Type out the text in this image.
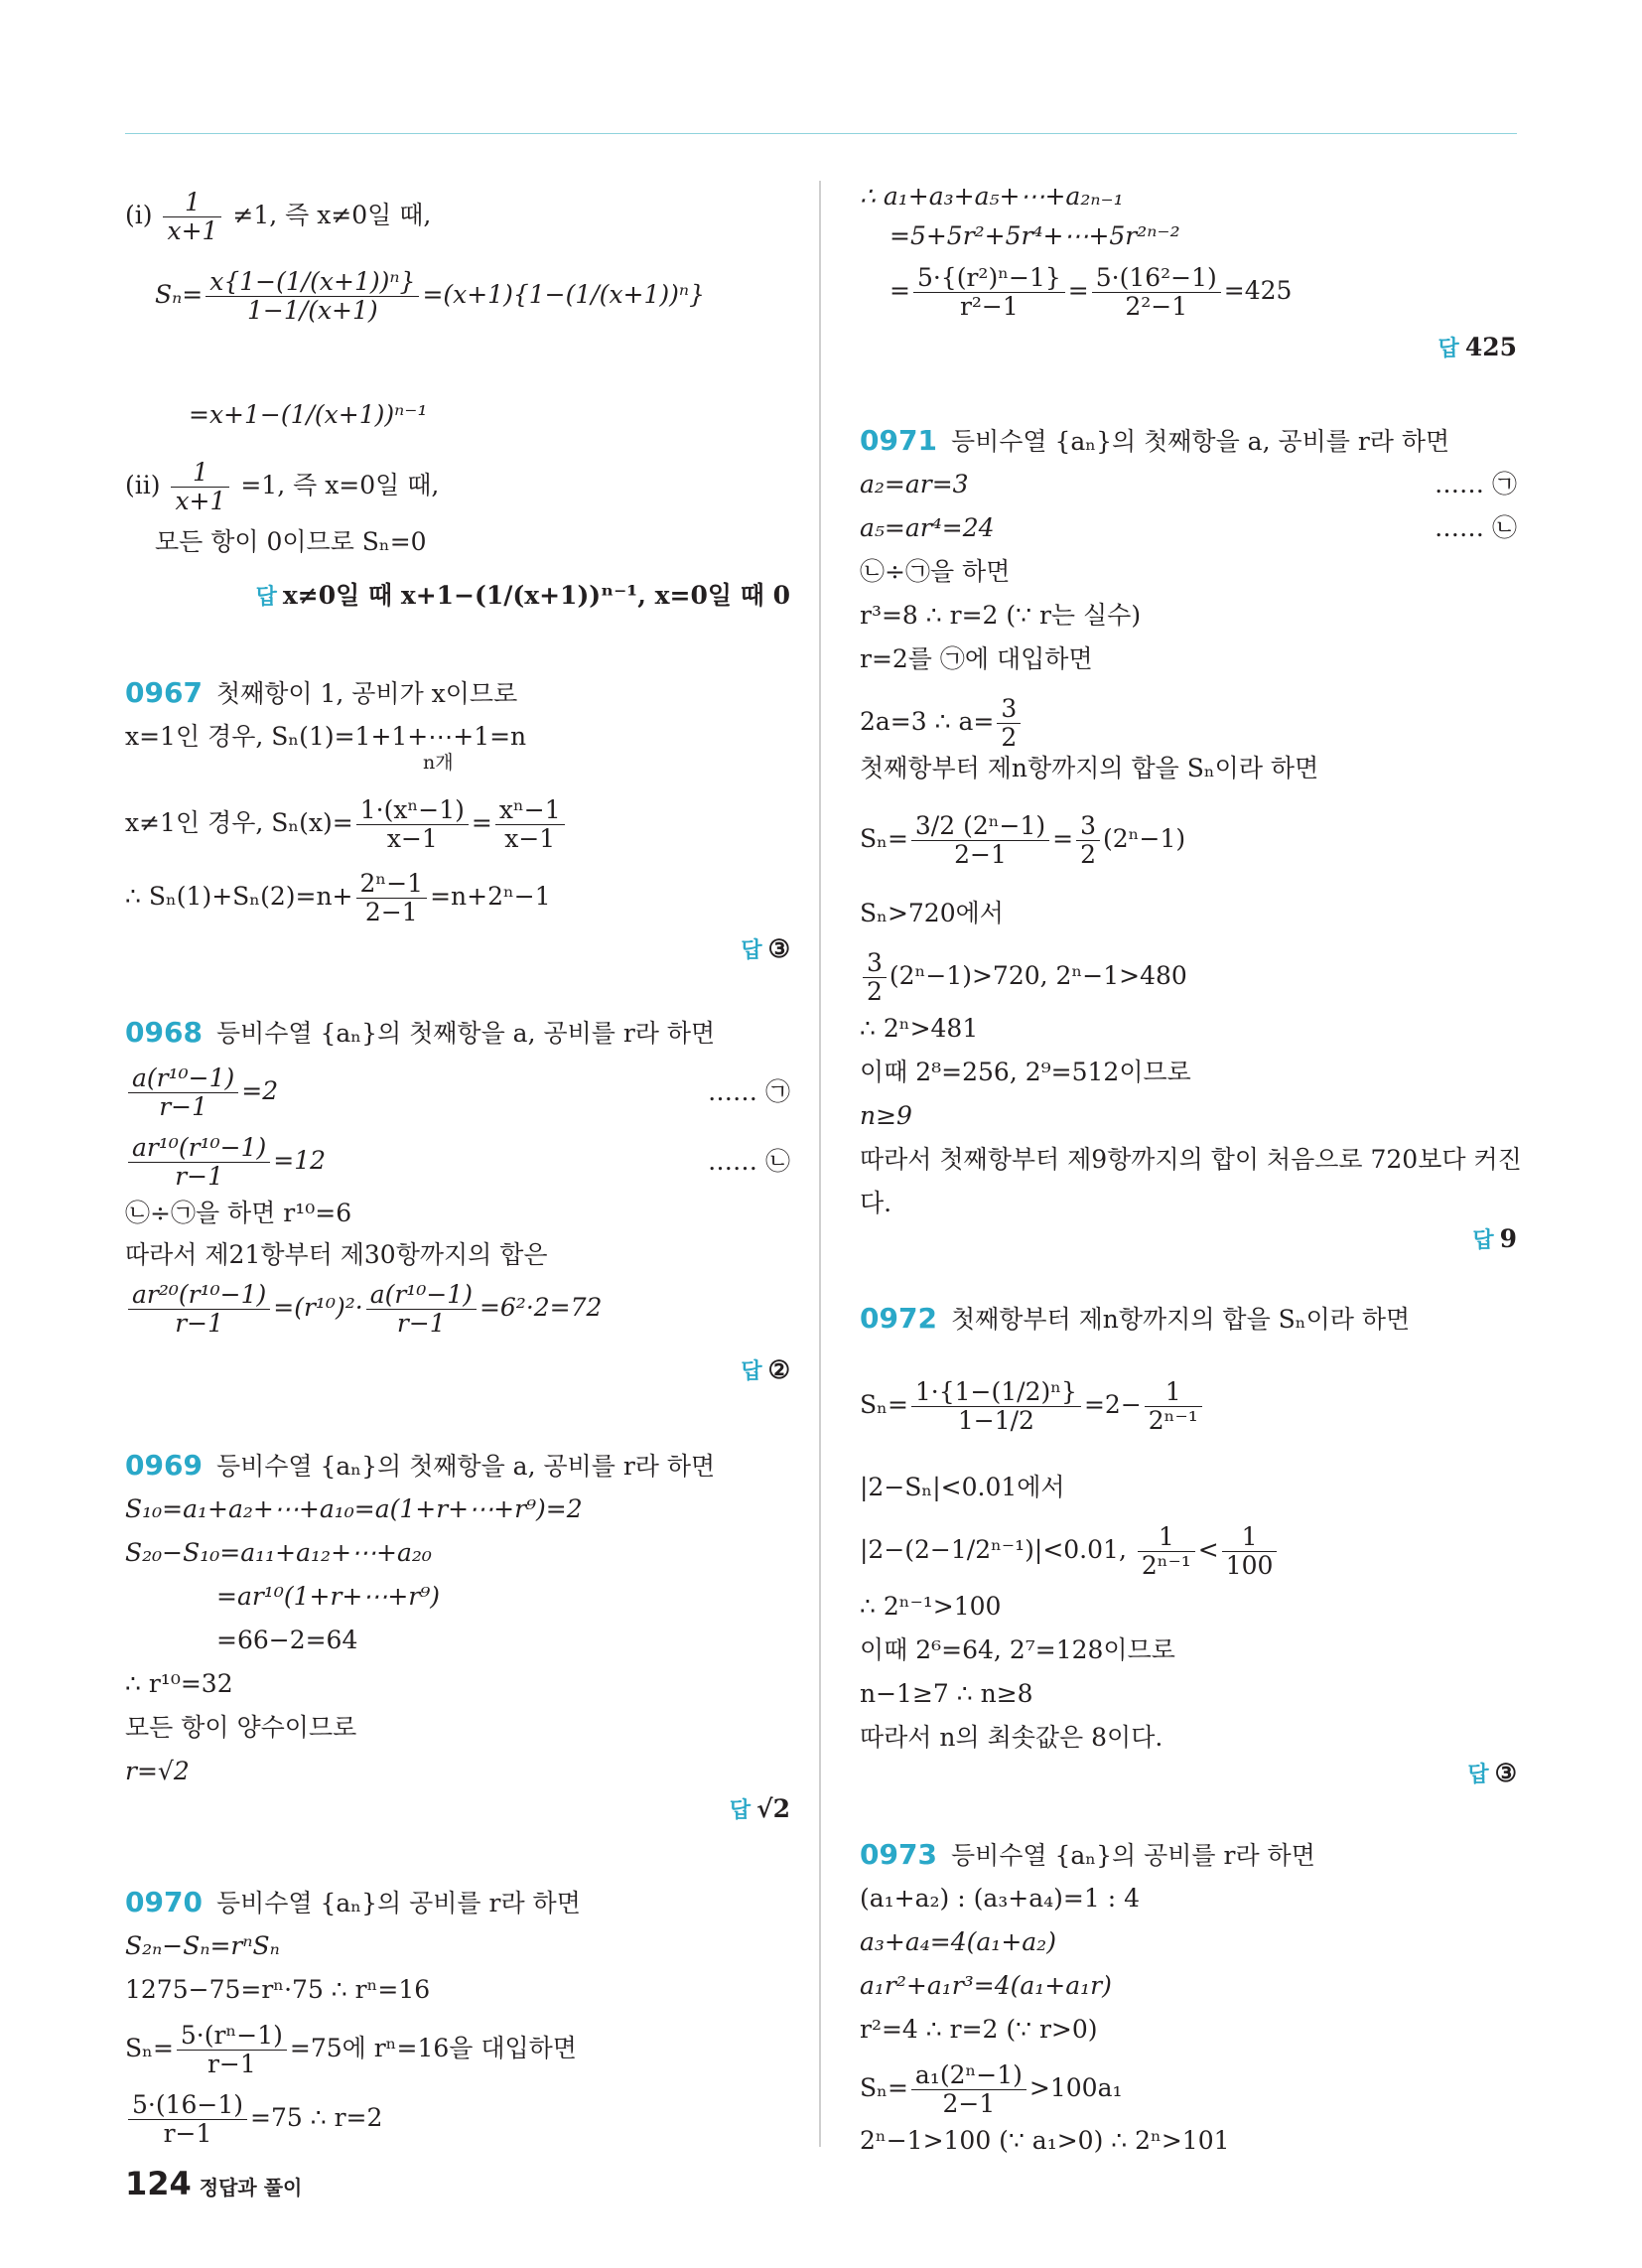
$(i) \frac{1}{x+1} \ne 1$, 즉 x≠0일 때,
$S_n= \frac{\text{x\{1−(1/(x+1))ⁿ\}}}{1-1/(x+1)} =(x+1)\{1-(1/(x+1))^n\}$
=x+1−(1/(x+1))ⁿ⁻¹
$(ii) \frac{1}{x+1} =1$, 즉 x=0일 때,
모든 항이 0이므로 Sₙ=0
답 x≠0일 때 x+1−(1/(x+1))ⁿ⁻¹, x=0일 때 0
0967 첫째항이 1, 공비가 x이므로
x=1인 경우, Sₙ(1)=1+1+⋯+1=n
n개
x≠1인 경우, $S_n(x)= \frac{\text{1·(xⁿ−1)}}{x-1} = \frac{\text{xⁿ−1}}{x-1}$
∴ $S_n(1)+S_n(2)=n+ \frac{\text{2ⁿ−1}}{2-1} =n+2^n-1$
답 ③
0968 등비수열 {aₙ}의 첫째항을 a, 공비를 r라 하면
$\frac{\text{a(r¹⁰−1)}}{r-1} =2$	…… ㉠
$\frac{\text{ar¹⁰(r¹⁰−1)}}{r-1} =12$	…… ㉡
㉡÷㉠을 하면 r¹⁰=6
따라서 제21항부터 제30항까지의 합은
$\frac{\text{ar²⁰(r¹⁰−1)}}{r-1} =(r^{10})^2\cdot \frac{\text{a(r¹⁰−1)}}{r-1} =6^2\cdot 2=72$
답 ②
0969 등비수열 {aₙ}의 첫째항을 a, 공비를 r라 하면
S₁₀=a₁+a₂+⋯+a₁₀=a(1+r+⋯+r⁹)=2
S₂₀−S₁₀=a₁₁+a₁₂+⋯+a₂₀
=ar¹⁰(1+r+⋯+r⁹)
=66−2=64
∴ r¹⁰=32
모든 항이 양수이므로
r=√2
답 √2
0970 등비수열 {aₙ}의 공비를 r라 하면
S₂ₙ−Sₙ=rⁿSₙ
1275−75=rⁿ·75 ∴ rⁿ=16
$S_n= \frac{\text{5·(rⁿ−1)}}{r-1} =75$에 rⁿ=16을 대입하면
$\frac{5\cdot(16-1)}{r-1} =75$ ∴ r=2
∴ a₁+a₃+a₅+⋯+a₂ₙ₋₁
=5+5r²+5r⁴+⋯+5r²ⁿ⁻²
= $\frac{\text{5·\{(r²)ⁿ−1\}}}{\text{r²−1}} = \frac{\text{5·(16²−1)}}{\text{2²−1}} =425$
답 425
0971 등비수열 {aₙ}의 첫째항을 a, 공비를 r라 하면
a₂=ar=3	…… ㉠
a₅=ar⁴=24	…… ㉡
㉡÷㉠을 하면
r³=8 ∴ r=2 (∵ r는 실수)
r=2를 ㉠에 대입하면
2a=3 ∴ $a= \frac{3}{2}$
첫째항부터 제n항까지의 합을 Sₙ이라 하면
$S_n= \frac{\text{3/2 (2ⁿ−1)}}{2-1} = \frac{3}{2} (2^n-1)$
Sₙ>720에서
$\frac{3}{2} (2^n-1)>720$, 2ⁿ−1>480
∴ 2ⁿ>481
이때 2⁸=256, 2⁹=512이므로
n≥9
따라서 첫째항부터 제9항까지의 합이 처음으로 720보다 커진
다.
답 9
0972 첫째항부터 제n항까지의 합을 Sₙ이라 하면
$S_n= \frac{\text{1·\{1−(1/2)ⁿ\}}}{1-1/2} =2- \frac{1}{\text{2ⁿ⁻¹}}$
|2−Sₙ|<0.01에서
|2−(2−1/2ⁿ⁻¹)|<0.01, $\frac{1}{\text{2ⁿ⁻¹}} < \frac{1}{100}$
∴ 2ⁿ⁻¹>100
이때 2⁶=64, 2⁷=128이므로
n−1≥7 ∴ n≥8
따라서 n의 최솟값은 8이다.
답 ③
0973 등비수열 {aₙ}의 공비를 r라 하면
(a₁+a₂) : (a₃+a₄)=1 : 4
a₃+a₄=4(a₁+a₂)
a₁r²+a₁r³=4(a₁+a₁r)
r²=4 ∴ r=2 (∵ r>0)
$S_n= \frac{\text{a₁(2ⁿ−1)}}{2-1} >100a_1$
2ⁿ−1>100 (∵ a₁>0) ∴ 2ⁿ>101
124 정답과 풀이
